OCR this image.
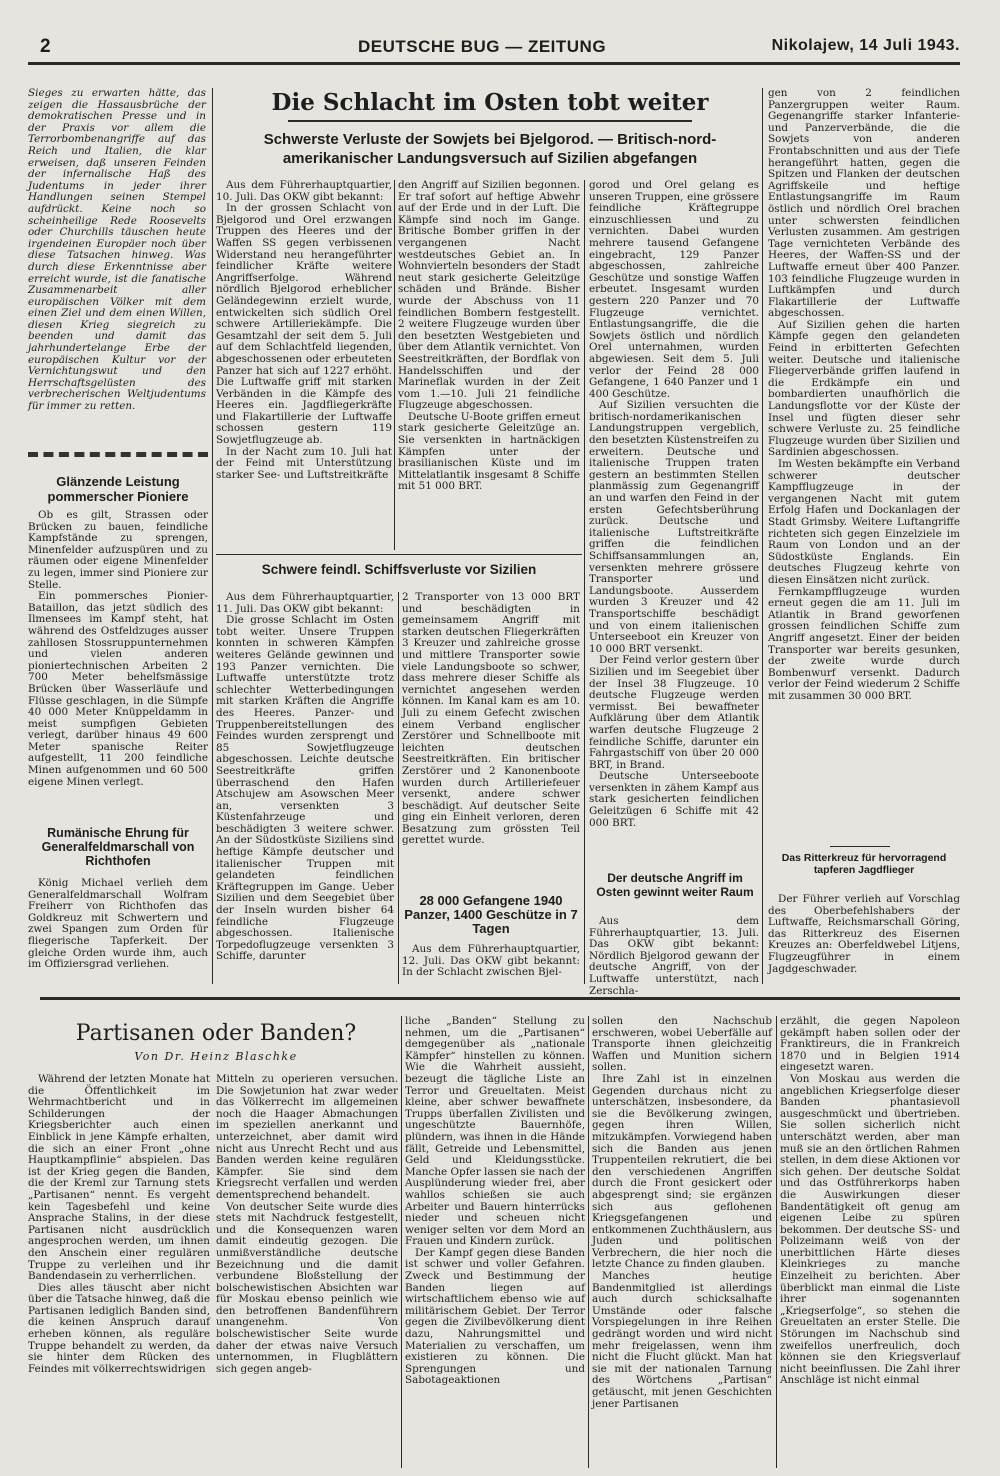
2	DEUTSCHE BUG — ZEITUNG	Nikolajew, 14 Juli 1943.

Sieges zu erwarten hätte, das zeigen die Hassausbrüche der demokratischen Presse und in der Praxis vor allem die Terrorbombenangriffe auf das Reich und Italien, die klar erweisen, daß unseren Feinden der infernalische Haß des Judentums in jeder ihrer Handlungen seinen Stempel aufdrückt. Keine noch so scheinheilige Rede Roosevelts oder Churchills täuschen heute irgendeinen Europäer noch über diese Tatsachen hinweg. Was durch diese Erkenntnisse aber erreicht wurde, ist die fanatische Zusammenarbeit aller europäischen Völker mit dem einen Ziel und dem einen Willen, diesen Krieg siegreich zu beenden und damit das jahrhundertelange Erbe der europäischen Kultur vor der Vernichtungswut und den Herrschaftsgelüsten des verbrecherischen Weltjudentums für immer zu retten.

Glänzende Leistung pommerscher Pioniere

Ob es gilt, Strassen oder Brücken zu bauen, feindliche Kampfstände zu sprengen, Minenfelder aufzuspüren und zu räumen oder eigene Minenfelder zu legen, immer sind Pioniere zur Stelle.

Ein pommersches Pionier-Bataillon, das jetzt südlich des Ilmensees im Kampf steht, hat während des Ostfeldzuges ausser zahllosen Stossruppunternehmen und vielen anderen pioniertechnischen Arbeiten 2 700 Meter behelfsmässige Brücken über Wasserläufe und Flüsse geschlagen, in die Sümpfe 40 000 Meter Knüppeldamm in meist sumpfigen Gebieten verlegt, darüber hinaus 49 600 Meter spanische Reiter aufgestellt, 11 200 feindliche Minen aufgenommen und 60 500 eigene Minen verlegt.

Rumänische Ehrung für Generalfeldmarschall von Richthofen

König Michael verlieh dem Generalfeldmarschall Wolfram Freiherr von Richthofen das Goldkreuz mit Schwertern und zwei Spangen zum Orden für fliegerische Tapferkeit. Der gleiche Orden wurde ihm, auch im Offiziersgrad verliehen.

Die Schlacht im Osten tobt weiter
Schwerste Verluste der Sowjets bei Bjelgorod. — Britisch-nord-amerikanischer Landungsversuch auf Sizilien abgefangen

Aus dem Führerhauptquartier, 10. Juli. Das OKW gibt bekannt:

In der grossen Schlacht von Bjelgorod und Orel erzwangen Truppen des Heeres und der Waffen SS gegen verbissenen Widerstand neu herangeführter feindlicher Kräfte weitere Angriffserfolge. Während nördlich Bjelgorod erheblicher Geländegewinn erzielt wurde, entwickelten sich südlich Orel schwere Artilleriekämpfe. Die Gesamtzahl der seit dem 5. Juli auf dem Schlachtfeld liegenden, abgeschossenen oder erbeuteten Panzer hat sich auf 1227 erhöht. Die Luftwaffe griff mit starken Verbänden in die Kämpfe des Heeres ein. Jagdfliegerkräfte und Flakartillerie der Luftwaffe schossen gestern 119 Sowjetflugzeuge ab.

In der Nacht zum 10. Juli hat der Feind mit Unterstützung starker See- und Luftstreitkräfte

den Angriff auf Sizilien begonnen. Er traf sofort auf heftige Abwehr auf der Erde und in der Luft. Die Kämpfe sind noch im Gange. Britische Bomber griffen in der vergangenen Nacht westdeutsches Gebiet an. In Wohnvierteln besonders der Stadt neut stark gesicherte Geleitzüge schäden und Brände. Bisher wurde der Abschuss von 11 feindlichen Bombern festgestellt. 2 weitere Flugzeuge wurden über den besetzten Westgebieten und über dem Atlantik vernichtet. Von Seestreitkräften, der Bordflak von Handelsschiffen und der Marineflak wurden in der Zeit vom 1.—10. Juli 21 feindliche Flugzeuge abgeschossen.

Deutsche U-Boote griffen erneut stark gesicherte Geleitzüge an. Sie versenkten in hartnäckigen Kämpfen unter der brasilianischen Küste und im Mittelatlantik insgesamt 8 Schiffe mit 51 000 BRT.

gorod und Orel gelang es unseren Truppen, eine grössere feindliche Kräftegruppe einzuschliessen und zu vernichten. Dabei wurden mehrere tausend Gefangene eingebracht, 129 Panzer abgeschossen, zahlreiche Geschütze und sonstige Waffen erbeutet. Insgesamt wurden gestern 220 Panzer und 70 Flugzeuge vernichtet. Entlastungsangriffe, die die Sowjets östlich und nördlich Orel unternahmen, wurden abgewiesen. Seit dem 5. Juli verlor der Feind 28 000 Gefangene, 1 640 Panzer und 1 400 Geschütze.

Auf Sizilien versuchten die britisch-nordamerikanischen Landungstruppen vergeblich, den besetzten Küstenstreifen zu erweitern. Deutsche und italienische Truppen traten gestern an bestimmten Stellen planmässig zum Gegenangriff an und warfen den Feind in der ersten Gefechtsberührung zurück. Deutsche und italienische Luftstreitkräfte griffen die feindlichen Schiffsansammlungen an, versenkten mehrere grössere Transporter und Landungsboote. Ausserdem wurden 3 Kreuzer und 42 Transportschiffe beschädigt und von einem italienischen Unterseeboot ein Kreuzer von 10 000 BRT versenkt.

Der Feind verlor gestern über Sizilien und im Seegebiet über der Insel 38 Flugzeuge. 10 deutsche Flugzeuge werden vermisst. Bei bewaffneter Aufklärung über dem Atlantik warfen deutsche Flugzeuge 2 feindliche Schiffe, darunter ein Fahrgastschiff von über 20 000 BRT, in Brand.

Deutsche Unterseeboote versenkten in zähem Kampf aus stark gesicherten feindlichen Geleitzügen 6 Schiffe mit 42 000 BRT.

Der deutsche Angriff im Osten gewinnt weiter Raum

Aus dem Führerhauptquartier, 13. Juli. Das OKW gibt bekannt: Nördlich Bjelgorod gewann der deutsche Angriff, von der Luftwaffe unterstützt, nach Zerschla-

Schwere feindl. Schiffsverluste vor Sizilien

Aus dem Führerhauptquartier, 11. Juli. Das OKW gibt bekannt:

Die grosse Schlacht im Osten tobt weiter. Unsere Truppen konnten in schweren Kämpfen weiteres Gelände gewinnen und 193 Panzer vernichten. Die Luftwaffe unterstützte trotz schlechter Wetterbedingungen mit starken Kräften die Angriffe des Heeres. Panzer- und Truppenbereitstellungen des Feindes wurden zersprengt und 85 Sowjetflugzeuge abgeschossen. Leichte deutsche Seestreitkräfte griffen überraschend den Hafen Atschujew am Asowschen Meer an, versenkten 3 Küstenfahrzeuge und beschädigten 3 weitere schwer. An der Südostküste Siziliens sind heftige Kämpfe deutscher und italienischer Truppen mit gelandeten feindlichen Kräftegruppen im Gange. Ueber Sizilien und dem Seegebiet über der Inseln wurden bisher 64 feindliche Flugzeuge abgeschossen. Italienische Torpedoflugzeuge versenkten 3 Schiffe, darunter

2 Transporter von 13 000 BRT und beschädigten in gemeinsamem Angriff mit starken deutschen Fliegerkräften 3 Kreuzer und zahlreiche grosse und mittlere Transporter sowie viele Landungsboote so schwer, dass mehrere dieser Schiffe als vernichtet angesehen werden können. Im Kanal kam es am 10. Juli zu einem Gefecht zwischen einem Verband englischer Zerstörer und Schnellboote mit leichten deutschen Seestreitkräften. Ein britischer Zerstörer und 2 Kanonenboote wurden durch Artilleriefeuer versenkt, andere schwer beschädigt. Auf deutscher Seite ging ein Einheit verloren, deren Besatzung zum grössten Teil gerettet wurde.

28 000 Gefangene 1940 Panzer, 1400 Geschütze in 7 Tagen

Aus dem Führerhauptquartier, 12. Juli. Das OKW gibt bekannt: In der Schlacht zwischen Bjel-

gen von 2 feindlichen Panzergruppen weiter Raum. Gegenangriffe starker Infanterie- und Panzerverbände, die die Sowjets von anderen Frontabschnitten und aus der Tiefe herangeführt hatten, gegen die Spitzen und Flanken der deutschen Agriffskeile und heftige Entlastungsangriffe im Raum östlich und nördlich Orel brachen unter schwersten feindlichen Verlusten zusammen. Am gestrigen Tage vernichteten Verbände des Heeres, der Waffen-SS und der Luftwaffe erneut über 400 Panzer. 103 feindliche Flugzeuge wurden in Luftkämpfen und durch Flakartillerie der Luftwaffe abgeschossen.

Auf Sizilien gehen die harten Kämpfe gegen den gelandeten Feind in erbitterten Gefechten weiter. Deutsche und italienische Fliegerverbände griffen laufend in die Erdkämpfe ein und bombardierten unaufhörlich die Landungsflotte vor der Küste der Insel und fügten dieser sehr schwere Verluste zu. 25 feindliche Flugzeuge wurden über Sizilien und Sardinien abgeschossen.

Im Westen bekämpfte ein Verband schwerer deutscher Kampfflugzeuge in der vergangenen Nacht mit gutem Erfolg Hafen und Dockanlagen der Stadt Grimsby. Weitere Luftangriffe richteten sich gegen Einzelziele im Raum von London und an der Südostküste Englands. Ein deutsches Flugzeug kehrte von diesen Einsätzen nicht zurück.

Fernkampfflugzeuge wurden erneut gegen die am 11. Juli im Atlantik in Brand geworfenen grossen feindlichen Schiffe zum Angriff angesetzt. Einer der beiden Transporter war bereits gesunken, der zweite wurde durch Bombenwurf versenkt. Dadurch verlor der Feind wiederum 2 Schiffe mit zusammen 30 000 BRT.

Das Ritterkreuz für hervorragend tapferen Jagdflieger

Der Führer verlieh auf Vorschlag des Oberbefehlshabers der Luftwaffe, Reichsmarschall Göring, das Ritterkreuz des Eisernen Kreuzes an: Oberfeldwebel Litjens, Flugzeugführer in einem Jagdgeschwader.

Partisanen oder Banden?
Von Dr. Heinz Blaschke

Während der letzten Monate hat die Öffentlichkeit im Wehrmachtbericht und in Schilderungen der Kriegsberichter auch einen Einblick in jene Kämpfe erhalten, die sich an einer Front „ohne Hauptkampflinie“ abspielen. Das ist der Krieg gegen die Banden, die der Kreml zur Tarnung stets „Partisanen“ nennt. Es vergeht kein Tagesbefehl und keine Ansprache Stalins, in der diese Partisanen nicht ausdrücklich angesprochen werden, um ihnen den Anschein einer regulären Truppe zu verleihen und ihr Bandendasein zu verherrlichen.

Dies alles täuscht aber nicht über die Tatsache hinweg, daß die Partisanen lediglich Banden sind, die keinen Anspruch darauf erheben können, als reguläre Truppe behandelt zu werden, da sie hinter dem Rücken des Feindes mit völkerrechtswidrigen

Mitteln zu operieren versuchen. Die Sowjetunion hat zwar weder das Völkerrecht im allgemeinen noch die Haager Abmachungen im speziellen anerkannt und unterzeichnet, aber damit wird nicht aus Unrecht Recht und aus Banden werden keine regulären Kämpfer. Sie sind dem Kriegsrecht verfallen und werden dementsprechend behandelt.

Von deutscher Seite wurde dies stets mit Nachdruck festgestellt, und die Konsequenzen waren damit eindeutig gezogen. Die unmißverständliche deutsche Bezeichnung und die damit verbundene Bloßstellung der bolschewistischen Absichten war für Moskau ebenso peinlich wie den betroffenen Bandenführern unangenehm. Von bolschewistischer Seite wurde daher der etwas naive Versuch unternommen, in Flugblättern sich gegen angeb-

liche „Banden“ Stellung zu nehmen, um die „Partisanen“ demgegenüber als „nationale Kämpfer“ hinstellen zu können. Wie die Wahrheit aussieht, bezeugt die tägliche Liste an Terror und Greueltaten. Meist kleine, aber schwer bewaffnete Trupps überfallen Zivilisten und ungeschützte Bauernhöfe, plündern, was ihnen in die Hände fällt, Getreide und Lebensmittel, Geld und Kleidungsstücke. Manche Opfer lassen sie nach der Ausplünderung wieder frei, aber wahllos schießen sie auch Arbeiter und Bauern hinterrücks nieder und scheuen nicht weniger selten vor dem Mord an Frauen und Kindern zurück.

Der Kampf gegen diese Banden ist schwer und voller Gefahren. Zweck und Bestimmung der Banden liegen auf wirtschaftlichem ebenso wie auf militärischem Gebiet. Der Terror gegen die Zivilbevölkerung dient dazu, Nahrungsmittel und Materialien zu verschaffen, um existieren zu können. Die Sprengungen und Sabotageaktionen

sollen den Nachschub erschweren, wobei Ueberfälle auf Transporte ihnen gleichzeitig Waffen und Munition sichern sollen.

Ihre Zahl ist in einzelnen Gegenden durchaus nicht zu unterschätzen, insbesondere, da sie die Bevölkerung zwingen, gegen ihren Willen, mitzukämpfen. Vorwiegend haben sich die Banden aus jenen Truppenteilen rekrutiert, die bei den verschiedenen Angriffen durch die Front gesickert oder abgesprengt sind; sie ergänzen sich aus geflohenen Kriegsgefangenen und entkommenen Zuchthäuslern, aus Juden und politischen Verbrechern, die hier noch die letzte Chance zu finden glauben.

Manches heutige Bandenmitglied ist allerdings auch durch schicksalhafte Umstände oder falsche Vorspiegelungen in ihre Reihen gedrängt worden und wird nicht mehr freigelassen, wenn ihm nicht die Flucht glückt. Man hat sie mit der nationalen Tarnung des Wörtchens „Partisan“ getäuscht, mit jenen Geschichten jener Partisanen

erzählt, die gegen Napoleon gekämpft haben sollen oder der Franktireurs, die in Frankreich 1870 und in Belgien 1914 eingesetzt waren.

Von Moskau aus werden die angeblichen Kriegserfolge dieser Banden phantasievoll ausgeschmückt und übertrieben. Sie sollen sicherlich nicht unterschätzt werden, aber man muß sie an den örtlichen Rahmen stellen, in dem diese Aktionen vor sich gehen. Der deutsche Soldat und das Ostführerkorps haben die Auswirkungen dieser Bandentätigkeit oft genug am eigenen Leibe zu spüren bekommen. Der deutsche SS- und Polizeimann weiß von der unerbittlichen Härte dieses Kleinkrieges zu manche Einzelheit zu berichten. Aber überblickt man einmal die Liste ihrer sogenannten „Kriegserfolge“, so stehen die Greueltaten an erster Stelle. Die Störungen im Nachschub sind zweifellos unerfreulich, doch können sie den Kriegsverlauf nicht beeinflussen. Die Zahl ihrer Anschläge ist nicht einmal
